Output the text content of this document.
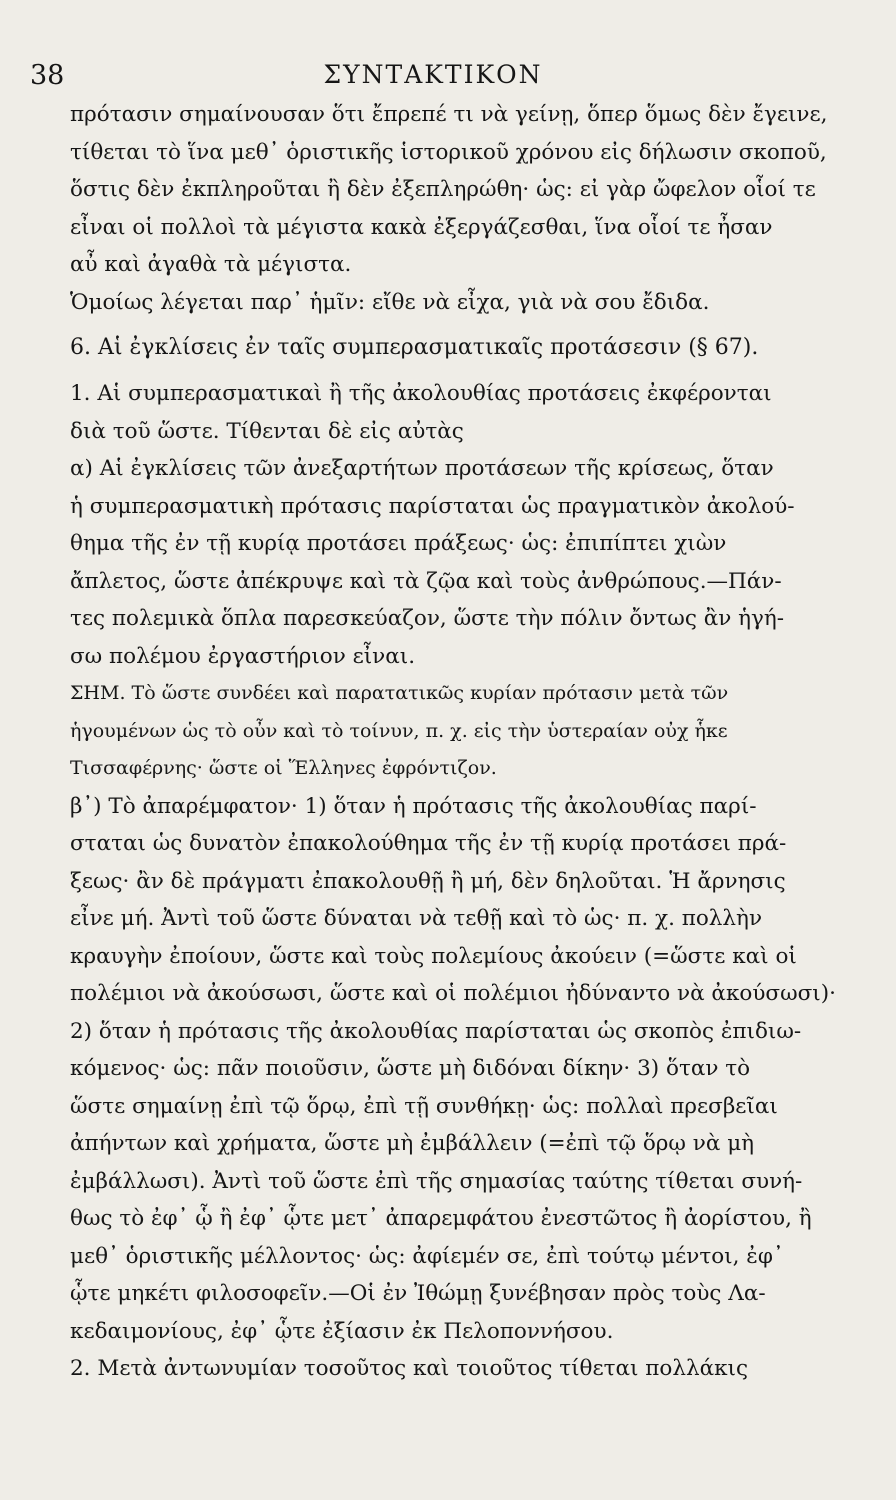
38	ΣΥΝΤΑΚΤΙΚΟΝ
πρότασιν σημαίνουσαν ὅτι ἔπρεπέ τι νὰ γείνῃ, ὅπερ ὅμως δὲν ἔγεινε,
τίθεται τὸ ἵνα μεθ᾽ ὁριστικῆς ἱστορικοῦ χρόνου εἰς δήλωσιν σκοποῦ,
ὅστις δὲν ἐκπληροῦται ἢ δὲν ἐξεπληρώθη· ὡς: εἰ γὰρ ὤφελον οἷοί τε
εἶναι οἱ πολλοὶ τὰ μέγιστα κακὰ ἐξεργάζεσθαι, ἵνα οἷοί τε ἦσαν
αὖ καὶ ἀγαθὰ τὰ μέγιστα.
Ὁμοίως λέγεται παρ᾽ ἡμῖν: εἴθε νὰ εἶχα, γιὰ νὰ σου ἔδιδα.
6. Αἱ ἐγκλίσεις ἐν ταῖς συμπερασματικαῖς προτάσεσιν (§ 67).
1. Αἱ συμπερασματικαὶ ἢ τῆς ἀκολουθίας προτάσεις ἐκφέρονται
διὰ τοῦ ὥστε. Τίθενται δὲ εἰς αὐτὰς
α) Αἱ ἐγκλίσεις τῶν ἀνεξαρτήτων προτάσεων τῆς κρίσεως, ὅταν
ἡ συμπερασματικὴ πρότασις παρίσταται ὡς πραγματικὸν ἀκολού-
θημα τῆς ἐν τῇ κυρίᾳ προτάσει πράξεως· ὡς: ἐπιπίπτει χιὼν
ἄπλετος, ὥστε ἀπέκρυψε καὶ τὰ ζῷα καὶ τοὺς ἀνθρώπους.—Πάν-
τες πολεμικὰ ὅπλα παρεσκεύαζον, ὥστε τὴν πόλιν ὄντως ἂν ἡγή-
σω πολέμου ἐργαστήριον εἶναι.
ΣΗΜ. Τὸ ὥστε συνδέει καὶ παρατατικῶς κυρίαν πρότασιν μετὰ τῶν
ἡγουμένων ὡς τὸ οὖν καὶ τὸ τοίνυν, π. χ. εἰς τὴν ὑστεραίαν οὐχ ἧκε
Τισσαφέρνης· ὥστε οἱ Ἕλληνες ἐφρόντιζον.
β᾽) Τὸ ἀπαρέμφατον· 1) ὅταν ἡ πρότασις τῆς ἀκολουθίας παρί-
σταται ὡς δυνατὸν ἐπακολούθημα τῆς ἐν τῇ κυρίᾳ προτάσει πρά-
ξεως· ἂν δὲ πράγματι ἐπακολουθῇ ἢ μή, δὲν δηλοῦται. Ἡ ἄρνησις
εἶνε μή. Ἀντὶ τοῦ ὥστε δύναται νὰ τεθῇ καὶ τὸ ὡς· π. χ. πολλὴν
κραυγὴν ἐποίουν, ὥστε καὶ τοὺς πολεμίους ἀκούειν (=ὥστε καὶ οἱ
πολέμιοι νὰ ἀκούσωσι, ὥστε καὶ οἱ πολέμιοι ἠδύναντο νὰ ἀκούσωσι)·
2) ὅταν ἡ πρότασις τῆς ἀκολουθίας παρίσταται ὡς σκοπὸς ἐπιδιω-
κόμενος· ὡς: πᾶν ποιοῦσιν, ὥστε μὴ διδόναι δίκην· 3) ὅταν τὸ
ὥστε σημαίνῃ ἐπὶ τῷ ὅρῳ, ἐπὶ τῇ συνθήκῃ· ὡς: πολλαὶ πρεσβεῖαι
ἀπήντων καὶ χρήματα, ὥστε μὴ ἐμβάλλειν (=ἐπὶ τῷ ὅρῳ νὰ μὴ
ἐμβάλλωσι). Ἀντὶ τοῦ ὥστε ἐπὶ τῆς σημασίας ταύτης τίθεται συνή-
θως τὸ ἐφ᾽ ᾧ ἢ ἐφ᾽ ᾧτε μετ᾽ ἀπαρεμφάτου ἐνεστῶτος ἢ ἀορίστου, ἢ
μεθ᾽ ὁριστικῆς μέλλοντος· ὡς: ἀφίεμέν σε, ἐπὶ τούτῳ μέντοι, ἐφ᾽
ᾧτε μηκέτι φιλοσοφεῖν.—Οἱ ἐν Ἰθώμῃ ξυνέβησαν πρὸς τοὺς Λα-
κεδαιμονίους, ἐφ᾽ ᾧτε ἐξίασιν ἐκ Πελοποννήσου.
2. Μετὰ ἀντωνυμίαν τοσοῦτος καὶ τοιοῦτος τίθεται πολλάκις
